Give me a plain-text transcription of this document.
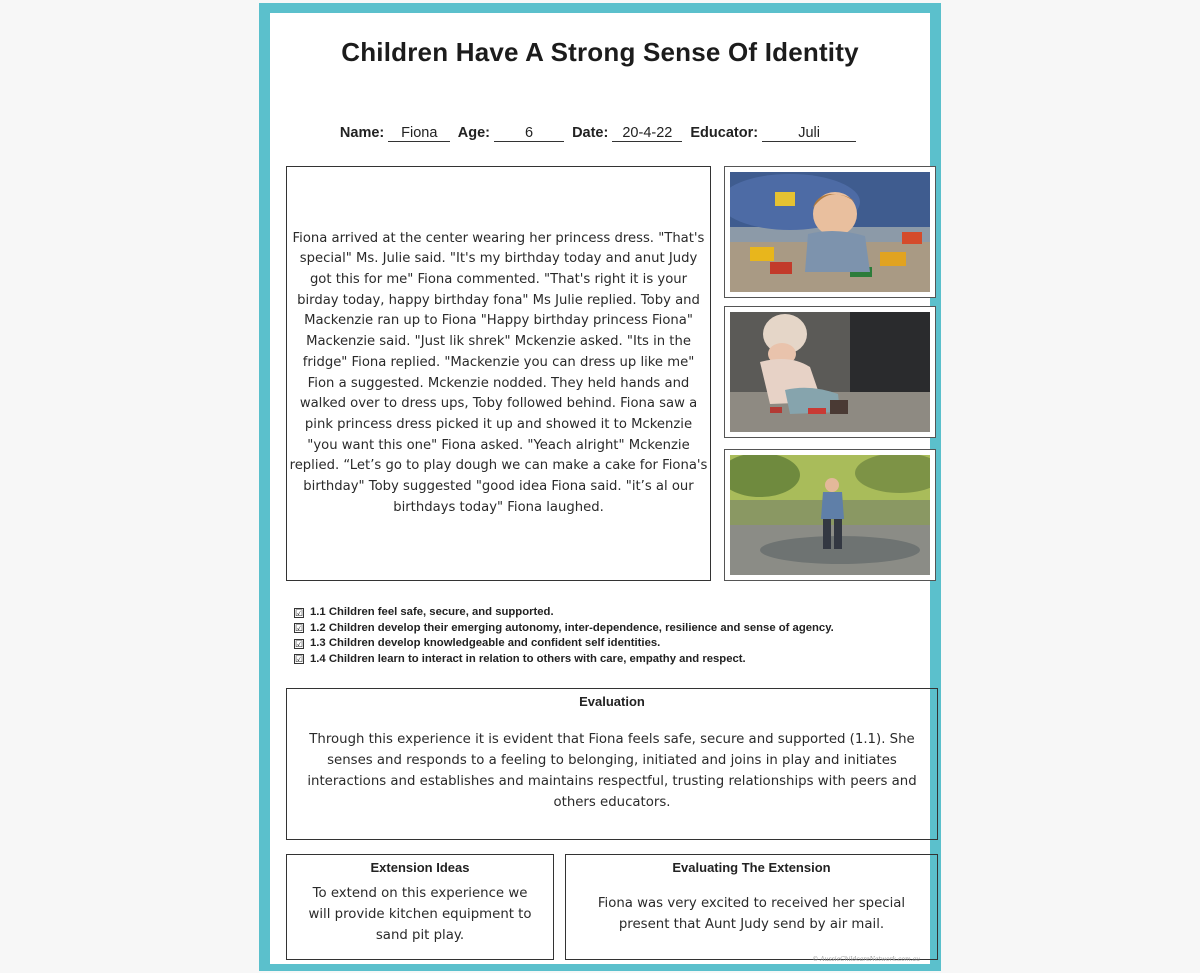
Children Have A Strong Sense Of Identity
Name: Fiona Age: 6	Date: 20-4-22 Educator:	Juli
Fiona arrived at the center wearing her princess dress. "That's special" Ms. Julie said. "It's my birthday today and anut Judy got this for me" Fiona commented. "That's right it is your birday today, happy birthday fona" Ms Julie replied. Toby and Mackenzie ran up to Fiona "Happy birthday princess Fiona" Mackenzie said. "Just lik shrek" Mckenzie asked. "Its in the fridge" Fiona replied. "Mackenzie you can dress up like me" Fion a suggested. Mckenzie nodded. They held hands and walked over to dress ups, Toby followed behind. Fiona saw a pink princess dress picked it up and showed it to Mckenzie "you want this one" Fiona asked. "Yeach alright" Mckenzie replied. “Let’s go to play dough we can make a cake for Fiona's birthday" Toby suggested "good idea Fiona said. "it’s al our birthdays today" Fiona laughed.
☑ 1.1 Children feel safe, secure, and supported.
☑ 1.2 Children develop their emerging autonomy, inter-dependence, resilience and sense of agency.
☑ 1.3 Children develop knowledgeable and confident self identities.
☑ 1.4 Children learn to interact in relation to others with care, empathy and respect.
Evaluation
Through this experience it is evident that Fiona feels safe, secure and supported (1.1). She senses and responds to a feeling to belonging, initiated and joins in play and initiates interactions and establishes and maintains respectful, trusting relationships with peers and others educators.
Extension Ideas
To extend on this experience we will provide kitchen equipment to sand pit play.
Evaluating The Extension
Fiona was very excited to received her special present that Aunt Judy send by air mail.
© AussieChildcareNetwork.com.au
